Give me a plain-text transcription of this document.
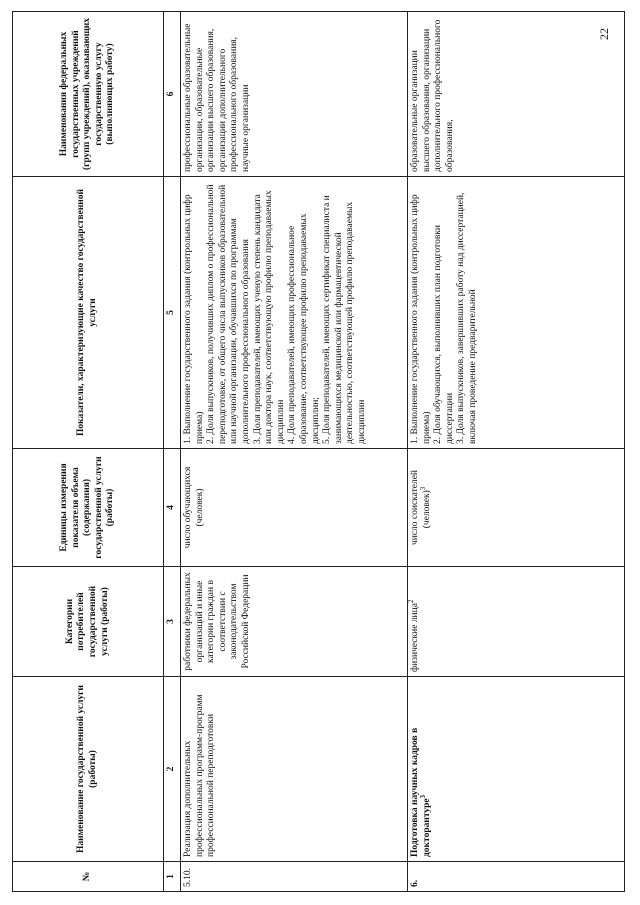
№	Наименование государственной услуги (работы)	Категории потребителей государственной услуги (работы)	Единицы измерения показателя объема (содержания) государственной услуги (работы)	Показатели, характеризующие качество государственной услуги	Наименования федеральных государственных учреждений (групп учреждений), оказывающих государственную услугу (выполняющих работу)
1	2	3	4	5	6
5.10.	Реализация дополнительных профессиональных программ-программ профессиональной переподготовки	работники федеральных организаций и иные категории граждан в соответствии с законодательством Российской Федерации	число обучающихся (человек)	1. Выполнение государственного задания (контрольных цифр приема)
2. Доля выпускников, получивших диплом о профессиональной переподготовке, от общего числа выпускников образовательной или научной организации, обучавшихся по программам дополнительного профессионального образования
3. Доля преподавателей, имеющих ученую степень кандидата или доктора наук, соответствующую профилю преподаваемых дисциплин
4. Доля преподавателей, имеющих профессиональное образование, соответствующее профилю преподаваемых дисциплин;
5. Доля преподавателей, имеющих сертификат специалиста и занимающихся медицинской или фармацевтической деятельностью, соответствующей профилю преподаваемых дисциплин	профессиональные образовательные организации, образовательные организации высшего образования, организации дополнительного профессионального образования, научные организации
6.	Подготовка научных кадров в докторантуре$^3$	физические лица$^2$	число соискателей (человек)$^3$	1. Выполнение государственного задания (контрольных цифр приема)
2. Доля обучающихся, выполнивших план подготовки диссертации
3. Доля выпускников, завершивших работу над диссертацией, включая проведение предварительной	образовательные организации высшего образования, организации дополнительного профессионального образования,
22
